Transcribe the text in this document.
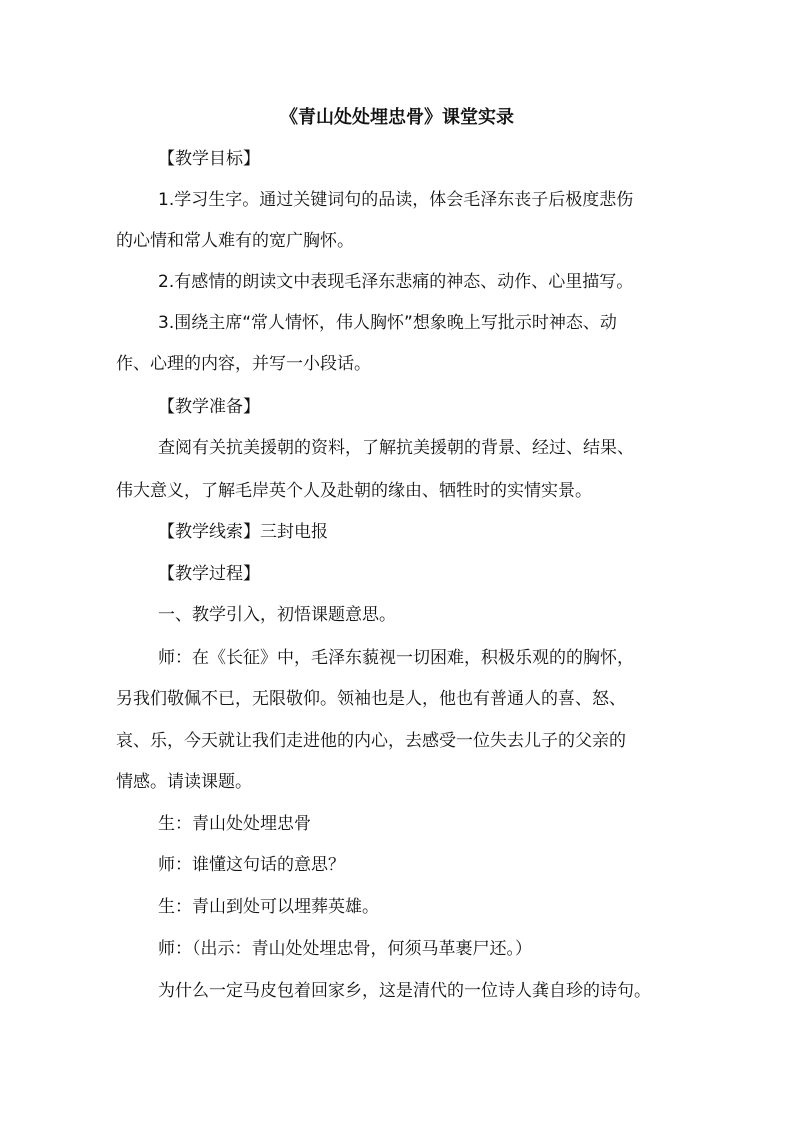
《青山处处埋忠骨》课堂实录
【教学目标】
1.学习生字。通过关键词句的品读，体会毛泽东丧子后极度悲伤
的心情和常人难有的宽广胸怀。
2.有感情的朗读文中表现毛泽东悲痛的神态、动作、心里描写。
3.围绕主席“常人情怀，伟人胸怀”想象晚上写批示时神态、动
作、心理的内容，并写一小段话。
【教学准备】
查阅有关抗美援朝的资料，了解抗美援朝的背景、经过、结果、
伟大意义，了解毛岸英个人及赴朝的缘由、牺牲时的实情实景。
【教学线索】三封电报
【教学过程】
一、教学引入，初悟课题意思。
师：在《长征》中，毛泽东藐视一切困难，积极乐观的的胸怀，
另我们敬佩不已，无限敬仰。领袖也是人，他也有普通人的喜、怒、
哀、乐，今天就让我们走进他的内心，去感受一位失去儿子的父亲的
情感。请读课题。
生：青山处处埋忠骨
师：谁懂这句话的意思？
生：青山到处可以埋葬英雄。
师：（出示：青山处处埋忠骨，何须马革裹尸还。）
为什么一定马皮包着回家乡，这是清代的一位诗人龚自珍的诗句。
